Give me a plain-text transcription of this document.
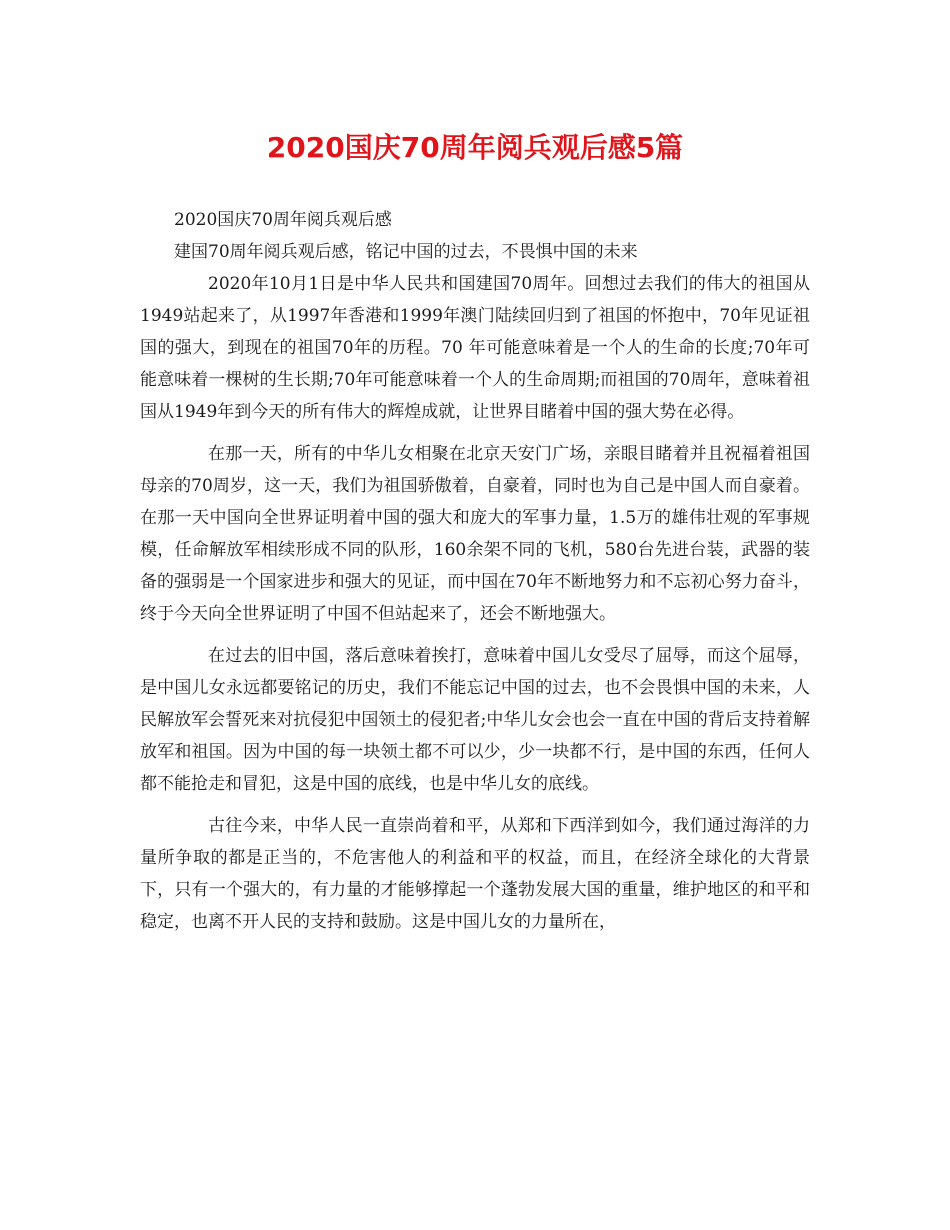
2020国庆70周年阅兵观后感5篇

2020国庆70周年阅兵观后感

建国70周年阅兵观后感，铭记中国的过去，不畏惧中国的未来

2020年10月1日是中华人民共和国建国70周年。回想过去我们的伟大的祖国从1949站起来了，从1997年香港和1999年澳门陆续回归到了祖国的怀抱中，70年见证祖国的强大，到现在的祖国70年的历程。70 年可能意味着是一个人的生命的长度;70年可能意味着一棵树的生长期;70年可能意味着一个人的生命周期;而祖国的70周年，意味着祖国从1949年到今天的所有伟大的辉煌成就，让世界目睹着中国的强大势在必得。

在那一天，所有的中华儿女相聚在北京天安门广场，亲眼目睹着并且祝福着祖国母亲的70周岁，这一天，我们为祖国骄傲着，自豪着，同时也为自己是中国人而自豪着。在那一天中国向全世界证明着中国的强大和庞大的军事力量，1.5万的雄伟壮观的军事规模，任命解放军相续形成不同的队形，160余架不同的飞机，580台先进台装，武器的装备的强弱是一个国家进步和强大的见证，而中国在70年不断地努力和不忘初心努力奋斗，终于今天向全世界证明了中国不但站起来了，还会不断地强大。

在过去的旧中国，落后意味着挨打，意味着中国儿女受尽了屈辱，而这个屈辱，是中国儿女永远都要铭记的历史，我们不能忘记中国的过去，也不会畏惧中国的未来，人民解放军会誓死来对抗侵犯中国领土的侵犯者;中华儿女会也会一直在中国的背后支持着解放军和祖国。因为中国的每一块领土都不可以少，少一块都不行，是中国的东西，任何人都不能抢走和冒犯，这是中国的底线，也是中华儿女的底线。

古往今来，中华人民一直崇尚着和平，从郑和下西洋到如今，我们通过海洋的力量所争取的都是正当的，不危害他人的利益和平的权益，而且，在经济全球化的大背景下，只有一个强大的，有力量的才能够撑起一个蓬勃发展大国的重量，维护地区的和平和稳定，也离不开人民的支持和鼓励。这是中国儿女的力量所在，
